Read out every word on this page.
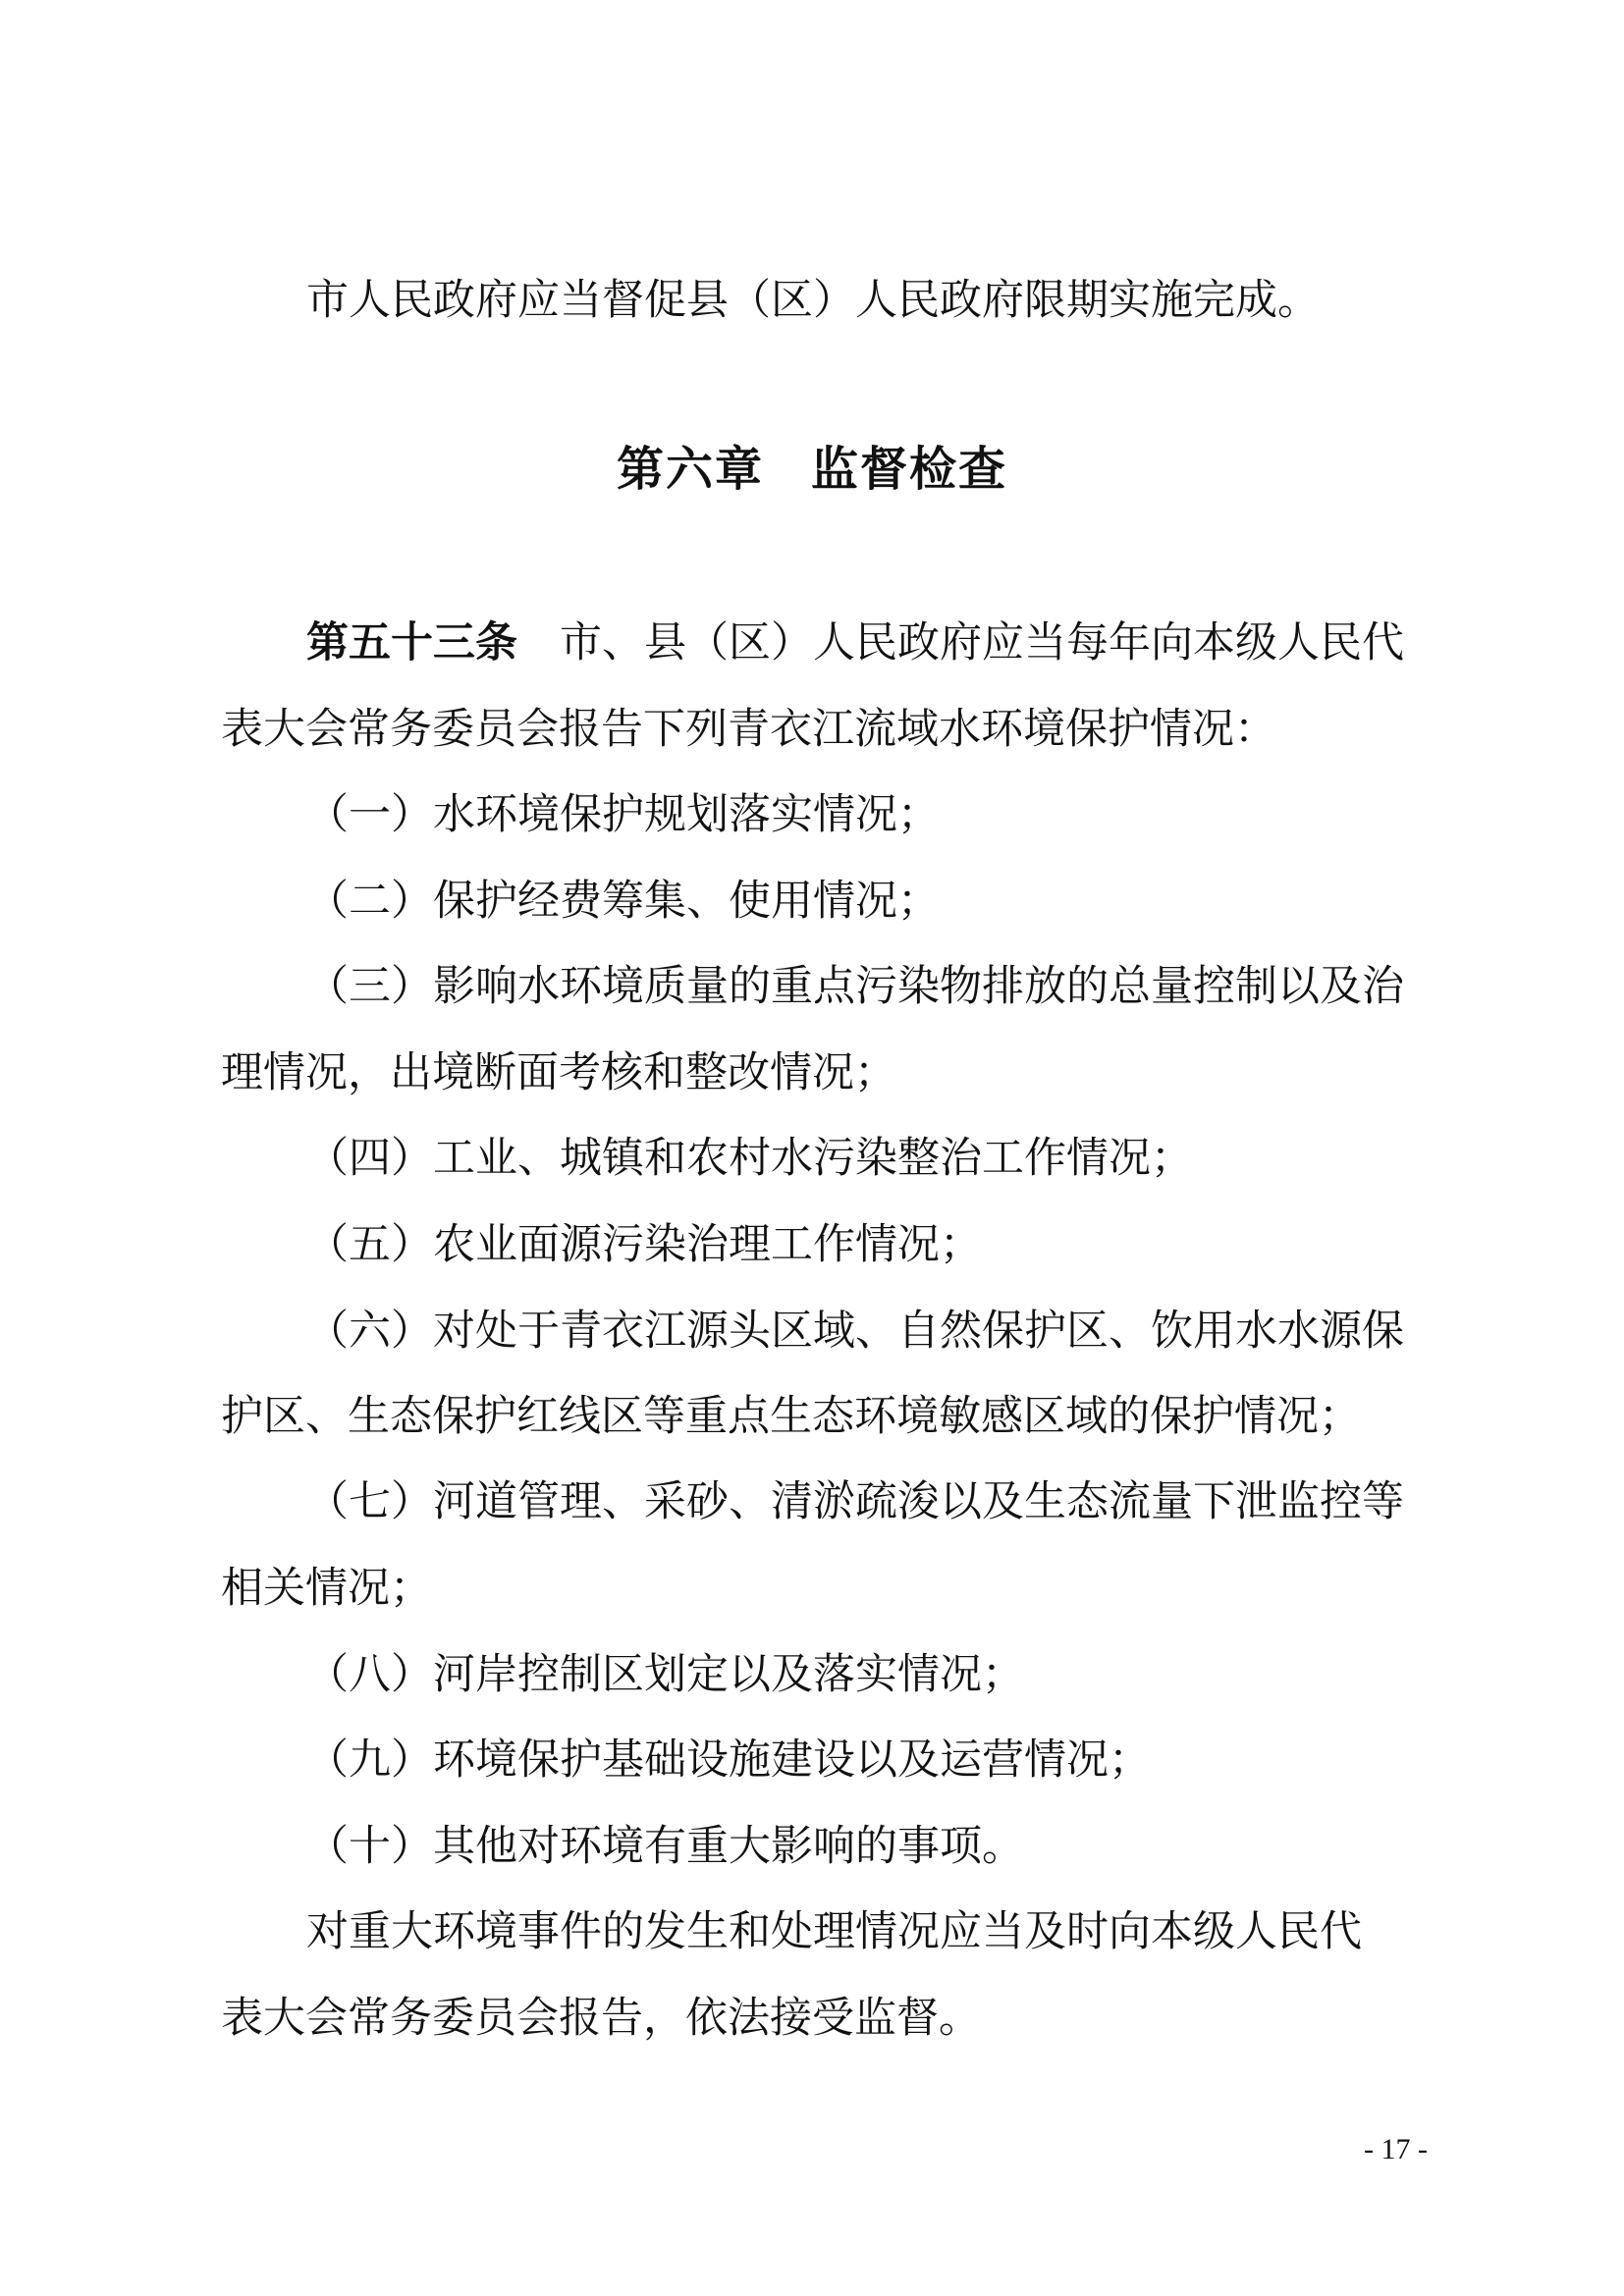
市人民政府应当督促县（区）人民政府限期实施完成。
第六章 监督检查
第五十三条 市、县（区）人民政府应当每年向本级人民代
表大会常务委员会报告下列青衣江流域水环境保护情况：
（一）水环境保护规划落实情况；
（二）保护经费筹集、使用情况；
（三）影响水环境质量的重点污染物排放的总量控制以及治
理情况，出境断面考核和整改情况；
（四）工业、城镇和农村水污染整治工作情况；
（五）农业面源污染治理工作情况；
（六）对处于青衣江源头区域、自然保护区、饮用水水源保
护区、生态保护红线区等重点生态环境敏感区域的保护情况；
（七）河道管理、采砂、清淤疏浚以及生态流量下泄监控等
相关情况；
（八）河岸控制区划定以及落实情况；
（九）环境保护基础设施建设以及运营情况；
（十）其他对环境有重大影响的事项。
对重大环境事件的发生和处理情况应当及时向本级人民代
表大会常务委员会报告，依法接受监督。
- 17 -
